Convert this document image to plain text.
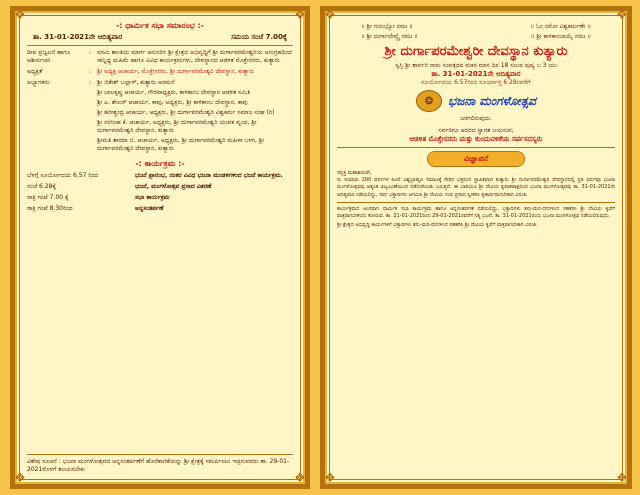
❖	❖
❖	❖
-: ಧಾರ್ಮಿಕ ಸಭಾ ಸಮಾರಂಭ :-
ತಾ. 31-01-2021ನೇ ಆದಿತ್ಯವಾರ	ಸಮಯ ಸಂಜೆ 7.00ಕ್ಕೆ
ದೀಪ ಪ್ರಜ್ವಲನೆ ಹಾಗೂ ಆಶೀರ್ವಚನ
: ವಸಮಿ ಶಾಂತಿಯ ಮಾರ್ಗ ಅನುಸರಿಸಿ ಶ್ರೀ ಕ್ಷೇತ್ರದ ಅಭಿವೃದ್ಧಿಗೆ ಶ್ರೀ ದುರ್ಗಾಪರಮೇಶ್ವರಿಯ ಅನುಗ್ರಹದಿಂದ ಸಾನ್ನಿಧ್ಯ ಮಹಿಮೆ ಹಾಗೂ ವಿವಿಧ ಕಾರ್ಯಕ್ರಮಗಳು, ದೇವಸ್ಥಾನದ ಆಡಳಿತ ಮೊಕ್ತೇಸರರು, ಕುತ್ಯಾರು
ಅಧ್ಯಕ್ಷತೆ	: ಶ್ರೀ ಅಧ್ಯಕ್ಷ ಆಚಾರ್ಯ, ಮೊಕ್ತೇಸರರು, ಶ್ರೀ ದುರ್ಗಾಪರಮೇಶ್ವರಿ ದೇವಸ್ಥಾನ, ಕುತ್ಯಾರು
ಅಭ್ಯಾಗತರು	: ಶ್ರೀ ಜಿತೇಶ್ ಬಲ್ಲಾಳ್, ಕುತ್ಯಾರು ಅರಮನೆ
ಶ್ರೀ ಬಾಲಕೃಷ್ಣ ಆಚಾರ್ಯ, ಗೌರವಾಧ್ಯಕ್ಷರು, ಕಾಳಿಕಾಂಬ ದೇವಸ್ಥಾನ ಆಡಳಿತ ಸಮಿತಿ
ಶ್ರೀ ಎ. ಶೇಖರ್ ಆಚಾರ್ಯ, ಕಾಪು, ಅಧ್ಯಕ್ಷರು, ಶ್ರೀ ಕಾಳಿಕಾಂಬ ದೇವಸ್ಥಾನ, ಕಾಪು
ಶ್ರೀ ಹರೀಶ್ಚಂದ್ರ ಆಚಾರ್ಯ, ಅಧ್ಯಕ್ಷರು, ಶ್ರೀ ದುರ್ಗಾಪರಮೇಶ್ವರಿ ವಿಶ್ವಕರ್ಮ ಸಮಾಜ ಸಂಘ (ರಿ)
ಶ್ರೀ ನರಸಿಂಹ ಕೆ. ಆಚಾರ್ಯ, ಅಧ್ಯಕ್ಷರು, ಶ್ರೀ ದುರ್ಗಾಪರಮೇಶ್ವರಿ ಯುವಕ ವೃಂದ, ಶ್ರೀ ದುರ್ಗಾಪರಮೇಶ್ವರಿ ದೇವಸ್ಥಾನ, ಕುತ್ಯಾರು
ಶ್ರೀಮತಿ ಶಾರದಾ ಬಿ. ಆಚಾರ್ಯ, ಅಧ್ಯಕ್ಷರು, ಶ್ರೀ ದುರ್ಗಾಪರಮೇಶ್ವರಿ ಮಹಿಳಾ ಬಳಗ, ಶ್ರೀ ದುರ್ಗಾಪರಮೇಶ್ವರಿ ದೇವಸ್ಥಾನ, ಕುತ್ಯಾರು
-: ಕಾರ್ಯಕ್ರಮ :-
ಬೆಳಗ್ಗೆ ಸೂರ್ಯೋದಯ 6.57 ರಿಂದ	ಭಜನೆ ಪ್ರಾರಂಭ, ನಂತರ ವಿವಿಧ ಭಜನಾ ಮಂಡಳಿಗಳಿಂದ ಭಜನೆ ಕಾರ್ಯಕ್ರಮ.
ಸಂಜೆ 6.28ಕ್ಕೆ	ಭಜನೆ, ಮಂಗಳೋತ್ಸವ ಪ್ರಸಾದ ವಿತರಣೆ
ರಾತ್ರಿ ಗಂಟೆ 7.00 ಕ್ಕೆ	ಸಭಾ ಕಾರ್ಯಕ್ರಮ
ರಾತ್ರಿ ಗಂಟೆ 8.30ರಿಂದ	ಅನ್ನಸಂತರ್ಪಣೆ
ವಿಶೇಷ ಸೂಚನೆ : ಭಜನಾ ಮಂಗಳೋತ್ಸವದ ಅನ್ನಸಂತರ್ಪಣೆಗೆ ಹೊರೆಕಾಣಿಕೆಯನ್ನು ಶ್ರೀ ಕ್ಷೇತ್ರಕ್ಕೆ ಸಮರ್ಪಿಸಲು ಇಚ್ಛಿಸುವವರು ತಾ. 29-01-2021ರೊಳಗೆ ತಲುಪಿಸಬೇಕು
❖	❖
❖	❖
॥ ಶ್ರೀ ಗುರುಭ್ಯೋ ನಮಃ ॥	॥ ಓಂ ನಮೋ ವಿಶ್ವಕರ್ಮಣೇ ॥
॥ ಶ್ರೀ ದುರ್ಗಾದೇವ್ಯೈ ನಮಃ ॥	॥ ಶ್ರೀ ಕಾಳಿಕಾಂಬಾಯೈ ನಮಃ ॥
ಶ್ರೀ ದುರ್ಗಾಪರಮೇಶ್ವರೀ ದೇವಸ್ಥಾನ ಕುತ್ಯಾರು
ಸ್ವಸ್ತಿ ಶ್ರೀ ಶಾರ್ವರಿ ನಾಮ ಸಂವತ್ಸರದ ಮಕರ ಮಾಸ ದಿನ 18 ಸಲುವ ಪುಷ್ಯ ಬ 3 ಯು
ತಾ. 31-01-2021ನೇ ಆದಿತ್ಯವಾರ
ಸೂರ್ಯೋದಯ 6.57ರಿಂದ ಸೂರ್ಯಾಸ್ತ 6.28ರವರೆಗೆ
❂	ಭಜನಾ ಮಂಗಳೋತ್ಸವ
ಜರಗಲಿರುವುದು.
ಸರ್ವರಿಗೂ ಆದರದ ಸ್ವಾಗತ ಬಯಸುವ,
ಆಡಳಿತ ಮೊಕ್ತೇಸರರು ಮತ್ತು ಕುಂದುವಳಿಕೆಯ ಸರ್ವಸದಸ್ಯರು
ವಿಜ್ಞಾಪನೆ
ಸದ್ಭಕ್ತ ಮಹಾಶಯರೇ,
ಸು ಸುಮಾರು 200 ವರ್ಷಗಳ ಹಿಂದೆ ವಿಶ್ವಬ್ರಾಹ್ಮಣ ಸಮಾಜಕ್ಕೆ ಸೇರಿದ ಭಕ್ತರಿಂದ ಸ್ಥಾಪಿತವಾದ ಕುತ್ಯಾರು ಶ್ರೀ ದುರ್ಗಾಪರಮೇಶ್ವರಿ ದೇವಸ್ಥಾನದಲ್ಲಿ ಪ್ರತಿ ವರ್ಷವೂ ಭಜನಾ ಮಂಗಳೋತ್ಸವವು ಅತ್ಯಂತ ವಿಜೃಂಭಣೆಯಿಂದ ನಡೆದುಕೊಂಡು ಬರುತ್ತಿದೆ. ಈ ಬಾರಿಯೂ ಶ್ರೀ ದೇವಿಯ ಕೃಪಾಕಟಾಕ್ಷದಿಂದ ಭಜನಾ ಮಂಗಳೋತ್ಸವವು ತಾ. 31-01-2021ನೇ ಆದಿತ್ಯವಾರ ನಡೆಯಲಿದ್ದು, ಸರ್ವ ಭಕ್ತಾದಿಗಳು ಆಗಮಿಸಿ ಶ್ರೀ ದೇವಿಯ ಗಂಧ ಪ್ರಸಾದ ಸ್ವೀಕರಿಸಿ ಕೃತಾರ್ಥರಾಗಬೇಕಾಗಿ ವಿನಂತಿ.
ಕಾರ್ಯಕ್ರಮದ ಅಂಗವಾಗಿ ಧಾರ್ಮಿಕ ಸಭಾ ಕಾರ್ಯಕ್ರಮ ಹಾಗೂ ಅನ್ನಸಂತರ್ಪಣೆ ನಡೆಯಲಿದ್ದು, ಭಕ್ತಾದಿಗಳು ತನು-ಮನ-ಧನಗಳಿಂದ ಸಹಕರಿಸಿ ಶ್ರೀ ದೇವಿಯ ಕೃಪೆಗೆ ಪಾತ್ರರಾಗಬೇಕೆಂದು ಕೋರುವ. ತಾ. 21-01-2021ರಿಂದ 29-01-2021ರವರೆಗೆ ನಿತ್ಯ ಭಜನೆ, ತಾ. 31-01-2021ರಂದು ಭಜನಾ ಮಂಗಳೋತ್ಸವ ನಡೆಯಲಿರುವುದು.
ಶ್ರೀ ಕ್ಷೇತ್ರದ ಅಭಿವೃದ್ಧಿ ಕಾರ್ಯಗಳಿಗೆ ಭಕ್ತಾದಿಗಳು ತನು-ಮನ-ಧನಗಳಿಂದ ಸಹಕರಿಸಿ ಶ್ರೀ ದೇವಿಯ ಕೃಪೆಗೆ ಪಾತ್ರರಾಗಬೇಕಾಗಿ ವಿನಂತಿ.
